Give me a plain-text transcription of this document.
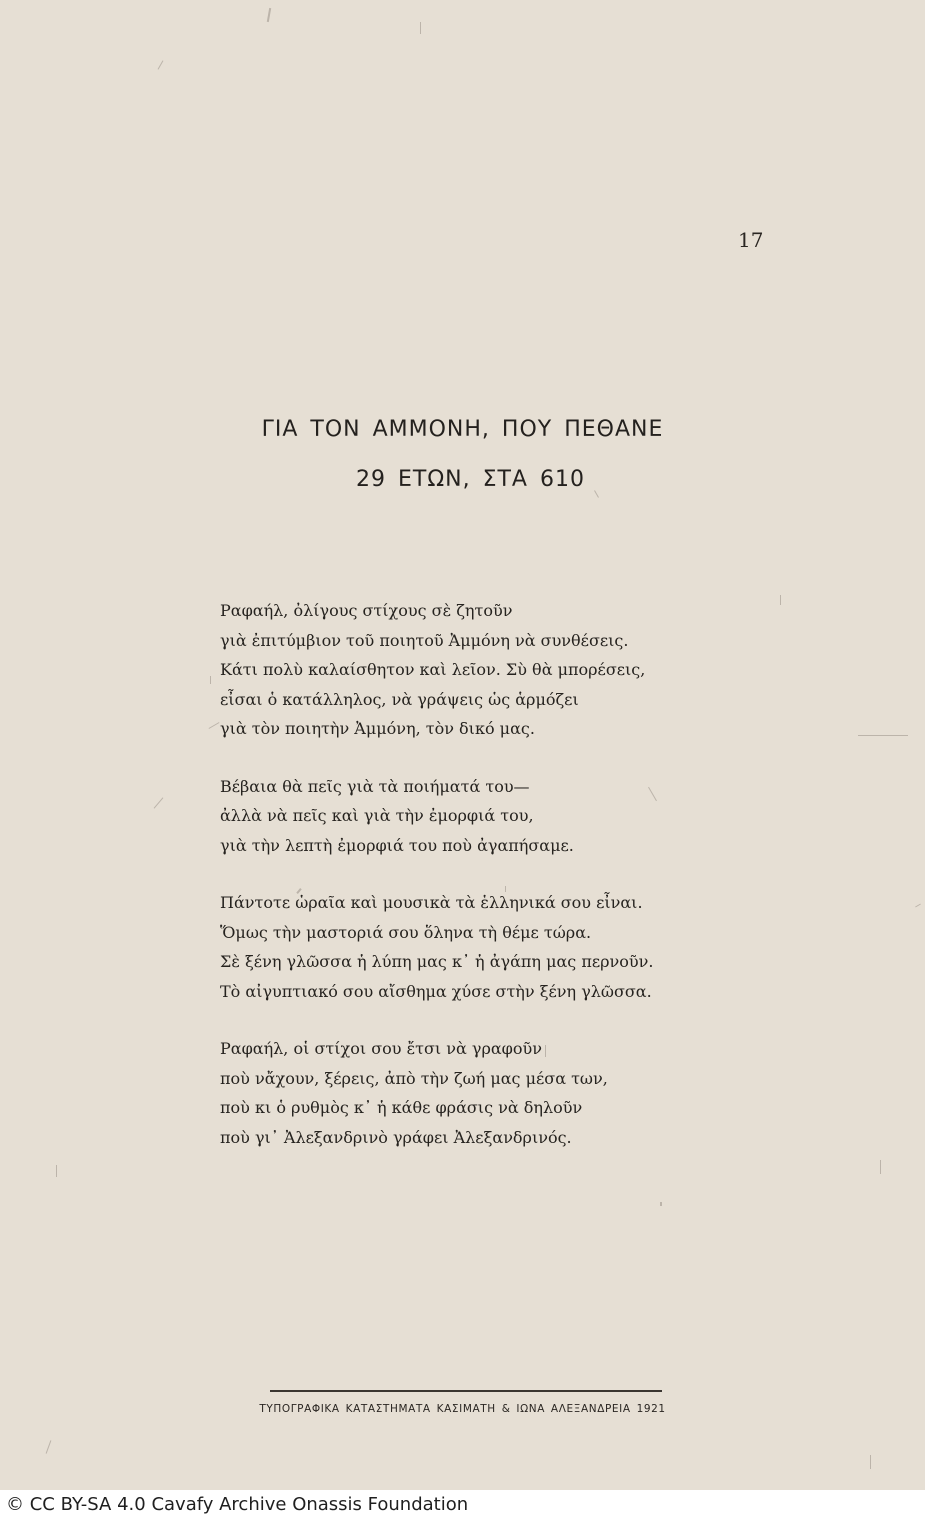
17
ΓΙΑ ΤΟΝ ΑΜΜΟΝΗ, ΠΟΥ ΠΕΘΑΝΕ
29 ΕΤΩΝ, ΣΤΑ 610
Ραφαήλ, ὀλίγους στίχους σὲ ζητοῦν
γιὰ ἐπιτύμβιον τοῦ ποιητοῦ Ἀμμόνη νὰ συνθέσεις.
Κάτι πολὺ καλαίσθητον καὶ λεῖον. Σὺ θὰ μπορέσεις,
εἶσαι ὁ κατάλληλος, νὰ γράψεις ὡς ἁρμόζει
γιὰ τὸν ποιητὴν Ἀμμόνη, τὸν δικό μας.
Βέβαια θὰ πεῖς γιὰ τὰ ποιήματά του—
ἀλλὰ νὰ πεῖς καὶ γιὰ τὴν ἐμορφιά του,
γιὰ τὴν λεπτὴ ἐμορφιά του ποὺ ἀγαπήσαμε.
Πάντοτε ὡραῖα καὶ μουσικὰ τὰ ἑλληνικά σου εἶναι.
Ὅμως τὴν μαστοριά σου ὅληνα τὴ θέμε τώρα.
Σὲ ξένη γλῶσσα ἡ λύπη μας κ᾿ ἡ ἀγάπη μας περνοῦν.
Τὸ αἰγυπτιακό σου αἴσθημα χύσε στὴν ξένη γλῶσσα.
Ραφαήλ, οἱ στίχοι σου ἔτσι νὰ γραφοῦν
ποὺ νἄχουν, ξέρεις, ἀπὸ τὴν ζωή μας μέσα των,
ποὺ κι ὁ ρυθμὸς κ᾿ ἡ κάθε φράσις νὰ δηλοῦν
ποὺ γι᾿ Ἀλεξανδρινὸ γράφει Ἀλεξανδρινός.
ΤΥΠΟΓΡΑΦΙΚΑ ΚΑΤΑΣΤΗΜΑΤΑ ΚΑΣΙΜΑΤΗ & ΙΩΝΑ ΑΛΕΞΑΝΔΡΕΙΑ 1921
© CC BY-SA 4.0 Cavafy Archive Onassis Foundation
